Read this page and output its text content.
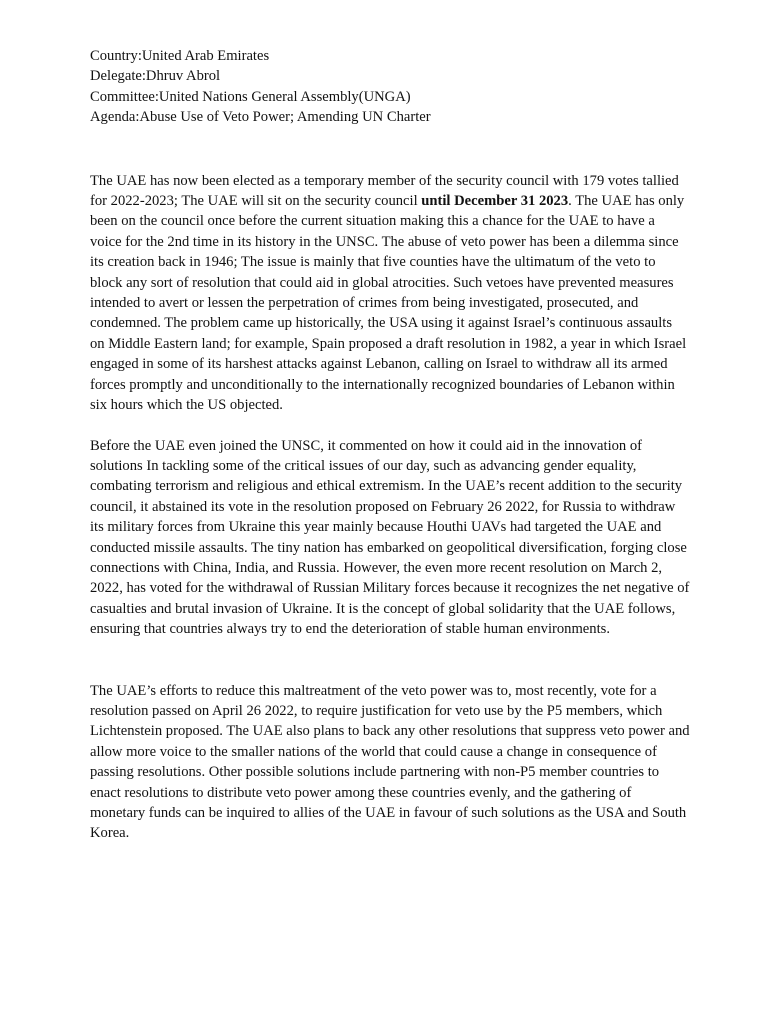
Country:United Arab Emirates

Delegate:Dhruv Abrol

Committee:United Nations General Assembly(UNGA)

Agenda:Abuse Use of Veto Power; Amending UN Charter

The UAE has now been elected as a temporary member of the security council with 179 votes tallied for 2022-2023; The UAE will sit on the security council until December 31 2023. The UAE has only been on the council once before the current situation making this a chance for the UAE to have a voice for the 2nd time in its history in the UNSC. The abuse of veto power has been a dilemma since its creation back in 1946; The issue is mainly that five counties have the ultimatum of the veto to block any sort of resolution that could aid in global atrocities. Such vetoes have prevented measures intended to avert or lessen the perpetration of crimes from being investigated, prosecuted, and condemned. The problem came up historically, the USA using it against Israel’s continuous assaults on Middle Eastern land; for example, Spain proposed a draft resolution in 1982, a year in which Israel engaged in some of its harshest attacks against Lebanon, calling on Israel to withdraw all its armed forces promptly and unconditionally to the internationally recognized boundaries of Lebanon within six hours which the US objected.

Before the UAE even joined the UNSC, it commented on how it could aid in the innovation of solutions In tackling some of the critical issues of our day, such as advancing gender equality, combating terrorism and religious and ethical extremism. In the UAE’s recent addition to the security council, it abstained its vote in the resolution proposed on February 26 2022, for Russia to withdraw its military forces from Ukraine this year mainly because Houthi UAVs had targeted the UAE and conducted missile assaults. The tiny nation has embarked on geopolitical diversification, forging close connections with China, India, and Russia. However, the even more recent resolution on March 2, 2022, has voted for the withdrawal of Russian Military forces because it recognizes the net negative of casualties and brutal invasion of Ukraine. It is the concept of global solidarity that the UAE follows, ensuring that countries always try to end the deterioration of stable human environments.

The UAE’s efforts to reduce this maltreatment of the veto power was to, most recently, vote for a resolution passed on April 26 2022, to require justification for veto use by the P5 members, which Lichtenstein proposed. The UAE also plans to back any other resolutions that suppress veto power and allow more voice to the smaller nations of the world that could cause a change in consequence of passing resolutions. Other possible solutions include partnering with non-P5 member countries to enact resolutions to distribute veto power among these countries evenly, and the gathering of monetary funds can be inquired to allies of the UAE in favour of such solutions as the USA and South Korea.
